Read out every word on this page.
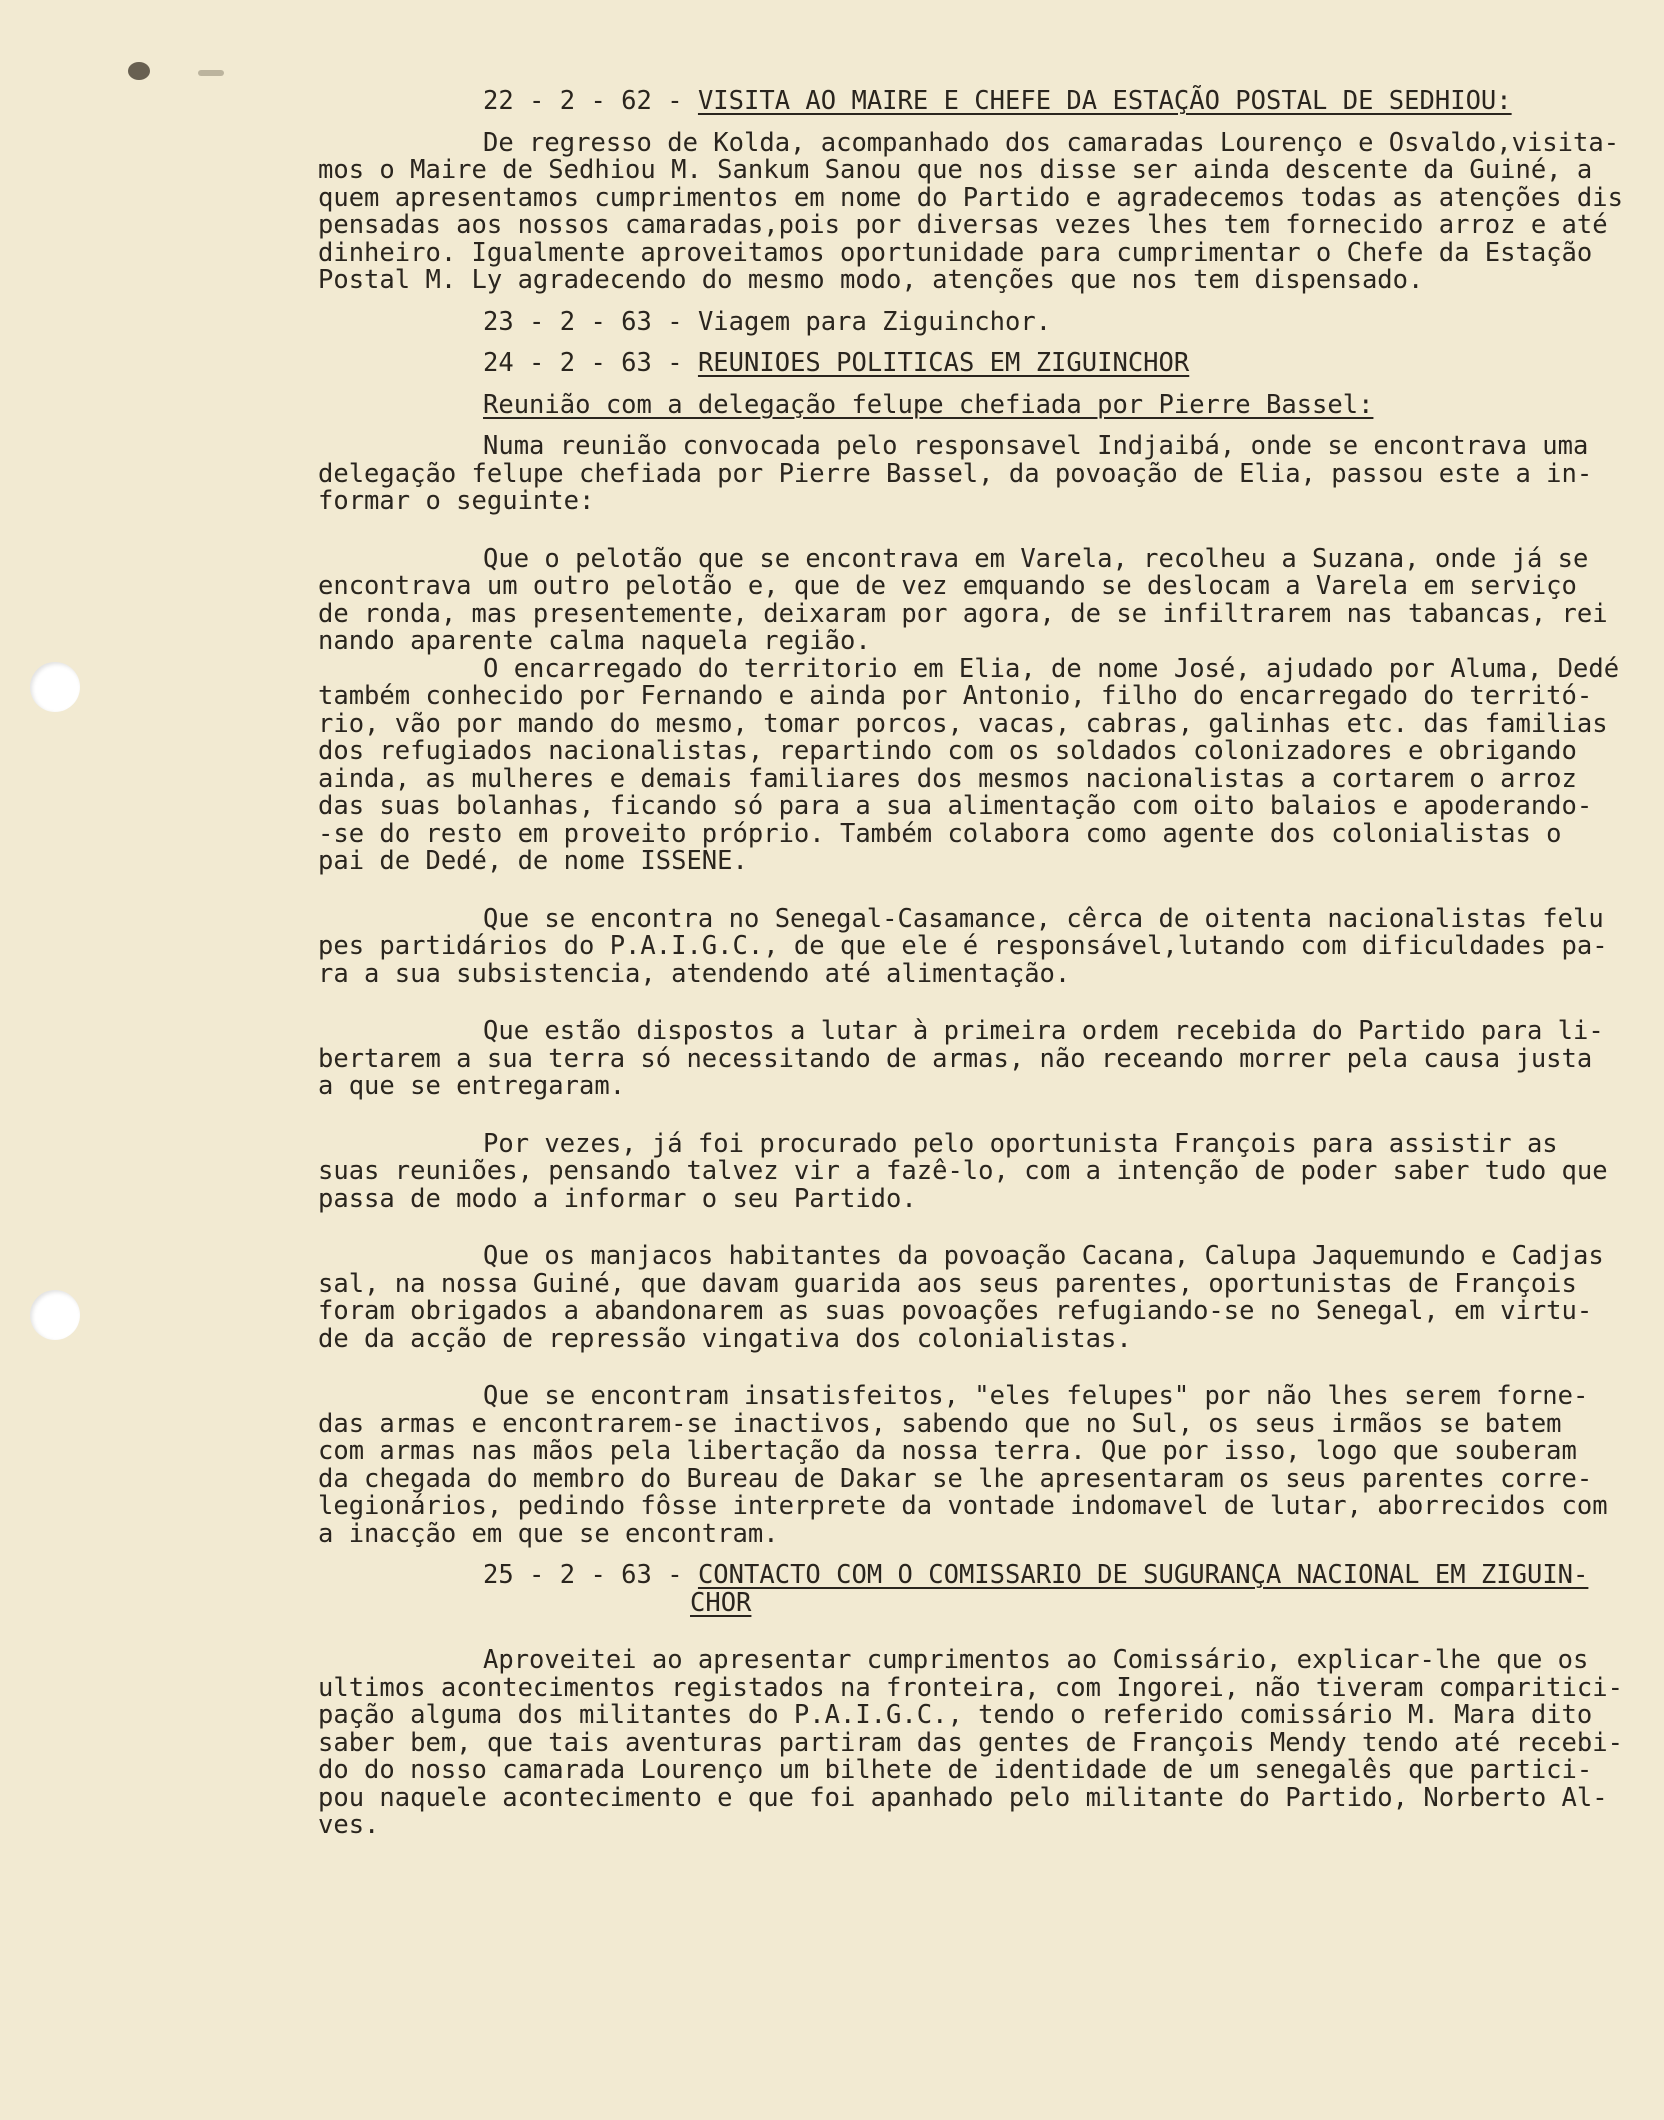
22 - 2 - 62 - VISITA AO MAIRE E CHEFE DA ESTAÇÃO POSTAL DE SEDHIOU:
De regresso de Kolda, acompanhado dos camaradas Lourenço e Osvaldo,visita-
mos o Maire de Sedhiou M. Sankum Sanou que nos disse ser ainda descente da Guiné, a
quem apresentamos cumprimentos em nome do Partido e agradecemos todas as atenções dis
pensadas aos nossos camaradas,pois por diversas vezes lhes tem fornecido arroz e até
dinheiro. Igualmente aproveitamos oportunidade para cumprimentar o Chefe da Estação
Postal M. Ly agradecendo do mesmo modo, atenções que nos tem dispensado.
23 - 2 - 63 - Viagem para Ziguinchor.
24 - 2 - 63 - REUNIOES POLITICAS EM ZIGUINCHOR
Reunião com a delegação felupe chefiada por Pierre Bassel:
Numa reunião convocada pelo responsavel Indjaibá, onde se encontrava uma
delegação felupe chefiada por Pierre Bassel, da povoação de Elia, passou este a in-
formar o seguinte:
Que o pelotão que se encontrava em Varela, recolheu a Suzana, onde já se
encontrava um outro pelotão e, que de vez emquando se deslocam a Varela em serviço
de ronda, mas presentemente, deixaram por agora, de se infiltrarem nas tabancas, rei
nando aparente calma naquela região.
O encarregado do territorio em Elia, de nome José, ajudado por Aluma, Dedé
também conhecido por Fernando e ainda por Antonio, filho do encarregado do territó-
rio, vão por mando do mesmo, tomar porcos, vacas, cabras, galinhas etc. das familias
dos refugiados nacionalistas, repartindo com os soldados colonizadores e obrigando
ainda, as mulheres e demais familiares dos mesmos nacionalistas a cortarem o arroz
das suas bolanhas, ficando só para a sua alimentação com oito balaios e apoderando-
-se do resto em proveito próprio. Também colabora como agente dos colonialistas o
pai de Dedé, de nome ISSENE.
Que se encontra no Senegal-Casamance, cêrca de oitenta nacionalistas felu
pes partidários do P.A.I.G.C., de que ele é responsável,lutando com dificuldades pa-
ra a sua subsistencia, atendendo até alimentação.
Que estão dispostos a lutar à primeira ordem recebida do Partido para li-
bertarem a sua terra só necessitando de armas, não receando morrer pela causa justa
a que se entregaram.
Por vezes, já foi procurado pelo oportunista François para assistir as
suas reuniões, pensando talvez vir a fazê-lo, com a intenção de poder saber tudo que
passa de modo a informar o seu Partido.
Que os manjacos habitantes da povoação Cacana, Calupa Jaquemundo e Cadjas
sal, na nossa Guiné, que davam guarida aos seus parentes, oportunistas de François
foram obrigados a abandonarem as suas povoações refugiando-se no Senegal, em virtu-
de da acção de repressão vingativa dos colonialistas.
Que se encontram insatisfeitos, "eles felupes" por não lhes serem forne-
das armas e encontrarem-se inactivos, sabendo que no Sul, os seus irmãos se batem
com armas nas mãos pela libertação da nossa terra. Que por isso, logo que souberam
da chegada do membro do Bureau de Dakar se lhe apresentaram os seus parentes corre-
legionários, pedindo fôsse interprete da vontade indomavel de lutar, aborrecidos com
a inacção em que se encontram.
25 - 2 - 63 - CONTACTO COM O COMISSARIO DE SUGURANÇA NACIONAL EM ZIGUIN-
CHOR
Aproveitei ao apresentar cumprimentos ao Comissário, explicar-lhe que os
ultimos acontecimentos registados na fronteira, com Ingorei, não tiveram comparitici-
pação alguma dos militantes do P.A.I.G.C., tendo o referido comissário M. Mara dito
saber bem, que tais aventuras partiram das gentes de François Mendy tendo até recebi-
do do nosso camarada Lourenço um bilhete de identidade de um senegalês que partici-
pou naquele acontecimento e que foi apanhado pelo militante do Partido, Norberto Al-
ves.
